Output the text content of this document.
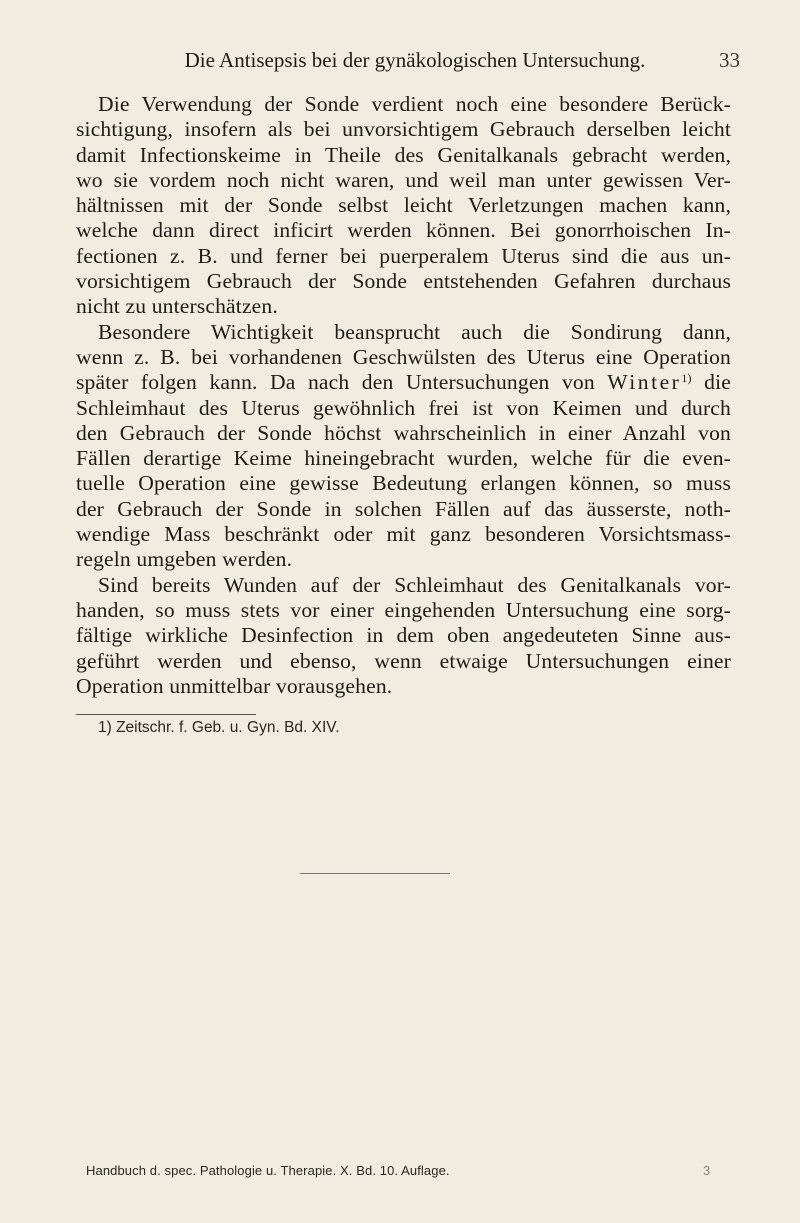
Die Antisepsis bei der gynäkologischen Untersuchung.	33
Die Verwendung der Sonde verdient noch eine besondere Berück-
sichtigung, insofern als bei unvorsichtigem Gebrauch derselben leicht
damit Infectionskeime in Theile des Genitalkanals gebracht werden,
wo sie vordem noch nicht waren, und weil man unter gewissen Ver-
hältnissen mit der Sonde selbst leicht Verletzungen machen kann,
welche dann direct inficirt werden können. Bei gonorrhoischen In-
fectionen z. B. und ferner bei puerperalem Uterus sind die aus un-
vorsichtigem Gebrauch der Sonde entstehenden Gefahren durchaus
nicht zu unterschätzen.
Besondere Wichtigkeit beansprucht auch die Sondirung dann,
wenn z. B. bei vorhandenen Geschwülsten des Uterus eine Operation
später folgen kann. Da nach den Untersuchungen von Winter$^{1)}$ die
Schleimhaut des Uterus gewöhnlich frei ist von Keimen und durch
den Gebrauch der Sonde höchst wahrscheinlich in einer Anzahl von
Fällen derartige Keime hineingebracht wurden, welche für die even-
tuelle Operation eine gewisse Bedeutung erlangen können, so muss
der Gebrauch der Sonde in solchen Fällen auf das äusserste, noth-
wendige Mass beschränkt oder mit ganz besonderen Vorsichtsmass-
regeln umgeben werden.
Sind bereits Wunden auf der Schleimhaut des Genitalkanals vor-
handen, so muss stets vor einer eingehenden Untersuchung eine sorg-
fältige wirkliche Desinfection in dem oben angedeuteten Sinne aus-
geführt werden und ebenso, wenn etwaige Untersuchungen einer
Operation unmittelbar vorausgehen.
1) Zeitschr. f. Geb. u. Gyn. Bd. XIV.
Handbuch d. spec. Pathologie u. Therapie. X. Bd. 10. Auflage.	3
